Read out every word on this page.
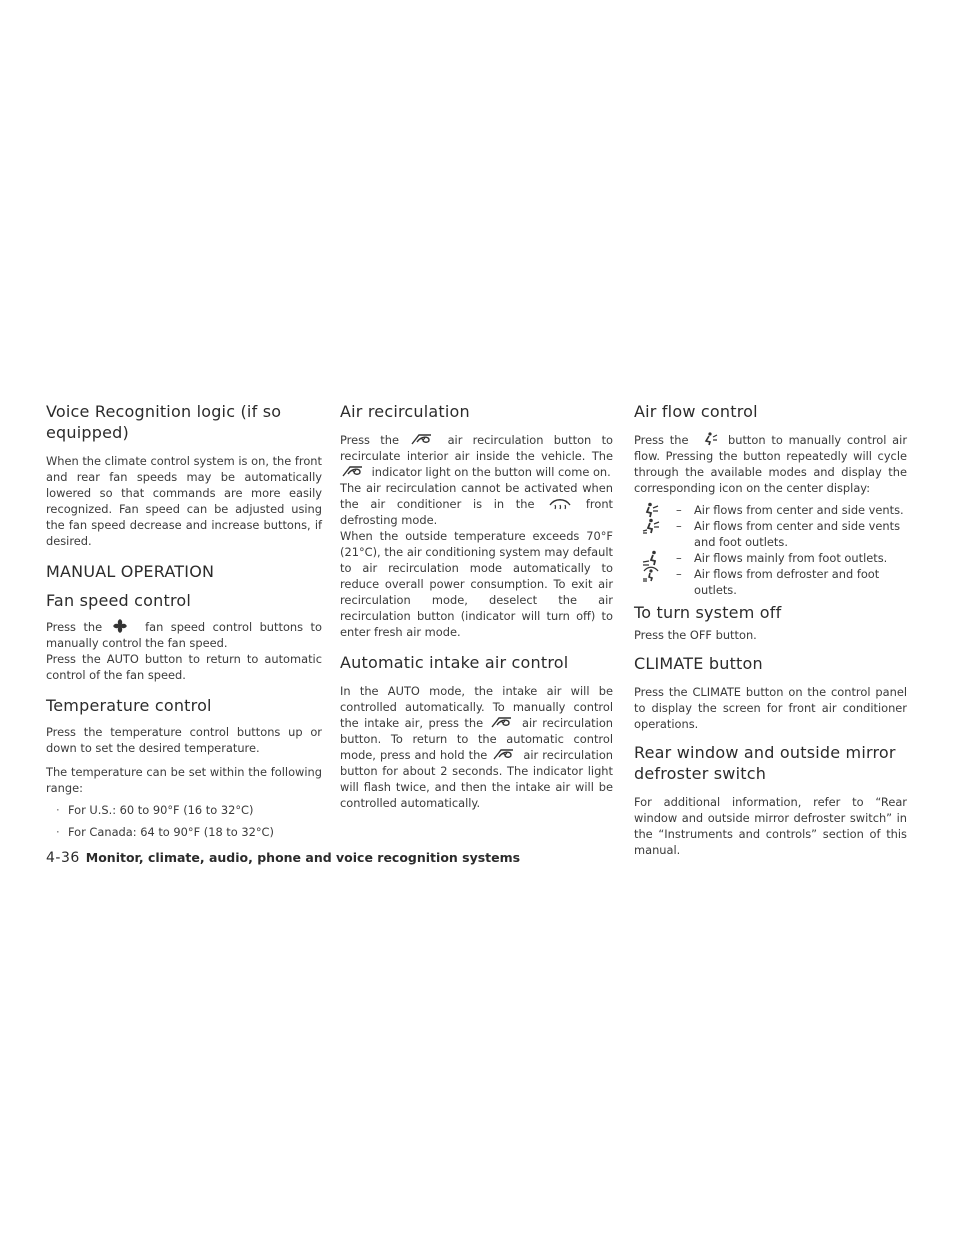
Voice Recognition logic (if so equipped)

When the climate control system is on, the front and rear fan speeds may be automatically lowered so that commands are more easily recognized. Fan speed can be adjusted using the fan speed decrease and increase buttons, if desired.

MANUAL OPERATION
Fan speed control

Press the	fan speed control buttons to manually control the fan speed.

Press the AUTO button to return to automatic control of the fan speed.

Temperature control

Press the temperature control buttons up or down to set the desired temperature.

The temperature can be set within the following range:

· For U.S.: 60 to 90°F (16 to 32°C)
· For Canada: 64 to 90°F (18 to 32°C)
Air recirculation

Press the	air recirculation button to recirculate interior air inside the vehicle. The
indicator light on the button will come on.

The air recirculation cannot be activated when the air conditioner is in the	front defrosting mode.

When the outside temperature exceeds 70°F (21°C), the air conditioning system may default to air recirculation mode automatically to reduce overall power consumption. To exit air recirculation mode, deselect the air recirculation button (indicator will turn off) to enter fresh air mode.

Automatic intake air control

In the AUTO mode, the intake air will be controlled automatically. To manually control the intake air, press the	air recirculation button. To return to the automatic control mode, press and hold the	air recirculation button for about 2 seconds. The indicator light will flash twice, and then the intake air will be controlled automatically.

Air flow control

Press the	button to manually control air flow. Pressing the button repeatedly will cycle through the available modes and display the corresponding icon on the center display:

–	Air flows from center and side vents.
–	Air flows from center and side vents and foot outlets.
–	Air flows mainly from foot outlets.
–	Air flows from defroster and foot outlets.
To turn system off

Press the OFF button.

CLIMATE button

Press the CLIMATE button on the control panel to display the screen for front air conditioner operations.

Rear window and outside mirror defroster switch

For additional information, refer to “Rear window and outside mirror defroster switch” in the “Instruments and controls” section of this manual.

4-36 Monitor, climate, audio, phone and voice recognition systems
